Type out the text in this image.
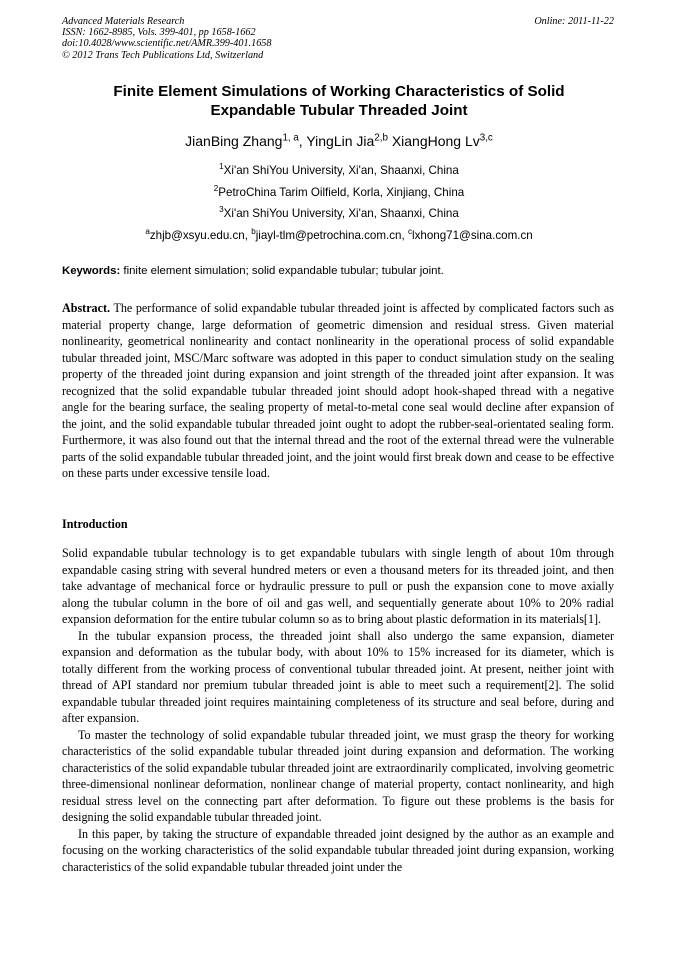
Advanced Materials Research
ISSN: 1662-8985, Vols. 399-401, pp 1658-1662
doi:10.4028/www.scientific.net/AMR.399-401.1658
© 2012 Trans Tech Publications Ltd, Switzerland
Online: 2011-11-22
Finite Element Simulations of Working Characteristics of Solid
Expandable Tubular Threaded Joint
JianBing Zhang$^{1, a}$, YingLin Jia$^{2,b}$ XiangHong Lv$^{3,c}$
$^1$Xi'an ShiYou University, Xi'an, Shaanxi, China
$^2$PetroChina Tarim Oilfield, Korla, Xinjiang, China
$^3$Xi'an ShiYou University, Xi'an, Shaanxi, China
$^a$zhjb@xsyu.edu.cn, $^b$jiayl-tlm@petrochina.com.cn, $^c$lxhong71@sina.com.cn
Keywords: finite element simulation; solid expandable tubular; tubular joint.

Abstract. The performance of solid expandable tubular threaded joint is affected by complicated factors such as material property change, large deformation of geometric dimension and residual stress. Given material nonlinearity, geometrical nonlinearity and contact nonlinearity in the operational process of solid expandable tubular threaded joint, MSC/Marc software was adopted in this paper to conduct simulation study on the sealing property of the threaded joint during expansion and joint strength of the threaded joint after expansion. It was recognized that the solid expandable tubular threaded joint should adopt hook-shaped thread with a negative angle for the bearing surface, the sealing property of metal-to-metal cone seal would decline after expansion of the joint, and the solid expandable tubular threaded joint ought to adopt the rubber-seal-orientated sealing form. Furthermore, it was also found out that the internal thread and the root of the external thread were the vulnerable parts of the solid expandable tubular threaded joint, and the joint would first break down and cease to be effective on these parts under excessive tensile load.

Introduction

Solid expandable tubular technology is to get expandable tubulars with single length of about 10m through expandable casing string with several hundred meters or even a thousand meters for its threaded joint, and then take advantage of mechanical force or hydraulic pressure to pull or push the expansion cone to move axially along the tubular column in the bore of oil and gas well, and sequentially generate about 10% to 20% radial expansion deformation for the entire tubular column so as to bring about plastic deformation in its materials[1].

In the tubular expansion process, the threaded joint shall also undergo the same expansion, diameter expansion and deformation as the tubular body, with about 10% to 15% increased for its diameter, which is totally different from the working process of conventional tubular threaded joint. At present, neither joint with thread of API standard nor premium tubular threaded joint is able to meet such a requirement[2]. The solid expandable tubular threaded joint requires maintaining completeness of its structure and seal before, during and after expansion.

To master the technology of solid expandable tubular threaded joint, we must grasp the theory for working characteristics of the solid expandable tubular threaded joint during expansion and deformation. The working characteristics of the solid expandable tubular threaded joint are extraordinarily complicated, involving geometric three-dimensional nonlinear deformation, nonlinear change of material property, contact nonlinearity, and high residual stress level on the connecting part after deformation. To figure out these problems is the basis for designing the solid expandable tubular threaded joint.

In this paper, by taking the structure of expandable threaded joint designed by the author as an example and focusing on the working characteristics of the solid expandable tubular threaded joint during expansion, working characteristics of the solid expandable tubular threaded joint under the
